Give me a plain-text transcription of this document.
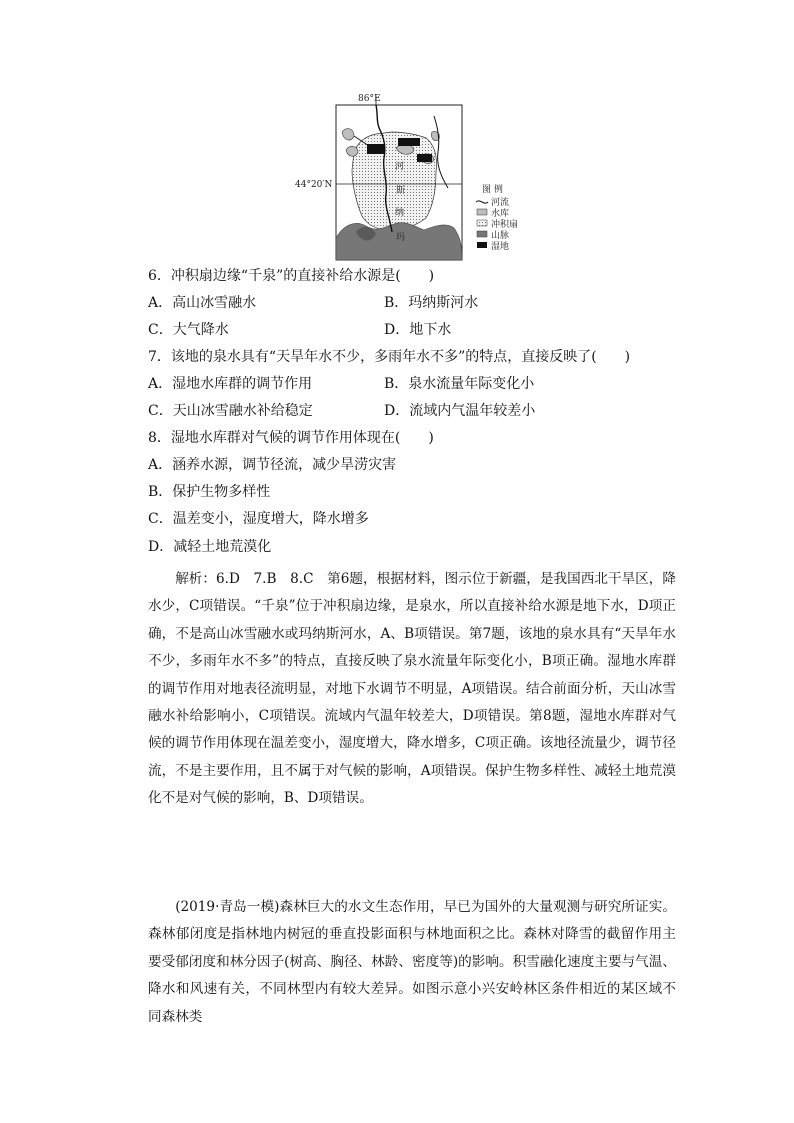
86°E
44°20′N
河
斯
纳
玛
图 例
河流
水库
冲积扇
山脉
湿地
6．冲积扇边缘“千泉”的直接补给水源是(　　)
A．高山冰雪融水	B．玛纳斯河水
C．大气降水	D．地下水
7．该地的泉水具有“天旱年水不少，多雨年水不多”的特点，直接反映了(　　)
A．湿地水库群的调节作用	B．泉水流量年际变化小
C．天山冰雪融水补给稳定	D．流域内气温年较差小
8．湿地水库群对气候的调节作用体现在(　　)
A．涵养水源，调节径流，减少旱涝灾害
B．保护生物多样性
C．温差变小，湿度增大，降水增多
D．减轻土地荒漠化

解析：6.D　7.B　8.C　第6题，根据材料，图示位于新疆，是我国西北干旱区，降水少，C项错误。“千泉”位于冲积扇边缘，是泉水，所以直接补给水源是地下水，D项正确，不是高山冰雪融水或玛纳斯河水，A、B项错误。第7题，该地的泉水具有“天旱年水不少，多雨年水不多”的特点，直接反映了泉水流量年际变化小，B项正确。湿地水库群的调节作用对地表径流明显，对地下水调节不明显，A项错误。结合前面分析，天山冰雪融水补给影响小，C项错误。流域内气温年较差大，D项错误。第8题，湿地水库群对气候的调节作用体现在温差变小，湿度增大，降水增多，C项正确。该地径流量少，调节径流，不是主要作用，且不属于对气候的影响，A项错误。保护生物多样性、减轻土地荒漠化不是对气候的影响，B、D项错误。

(2019·青岛一模)森林巨大的水文生态作用，早已为国外的大量观测与研究所证实。森林郁闭度是指林地内树冠的垂直投影面积与林地面积之比。森林对降雪的截留作用主要受郁闭度和林分因子(树高、胸径、林龄、密度等)的影响。积雪融化速度主要与气温、降水和风速有关，不同林型内有较大差异。如图示意小兴安岭林区条件相近的某区域不同森林类
